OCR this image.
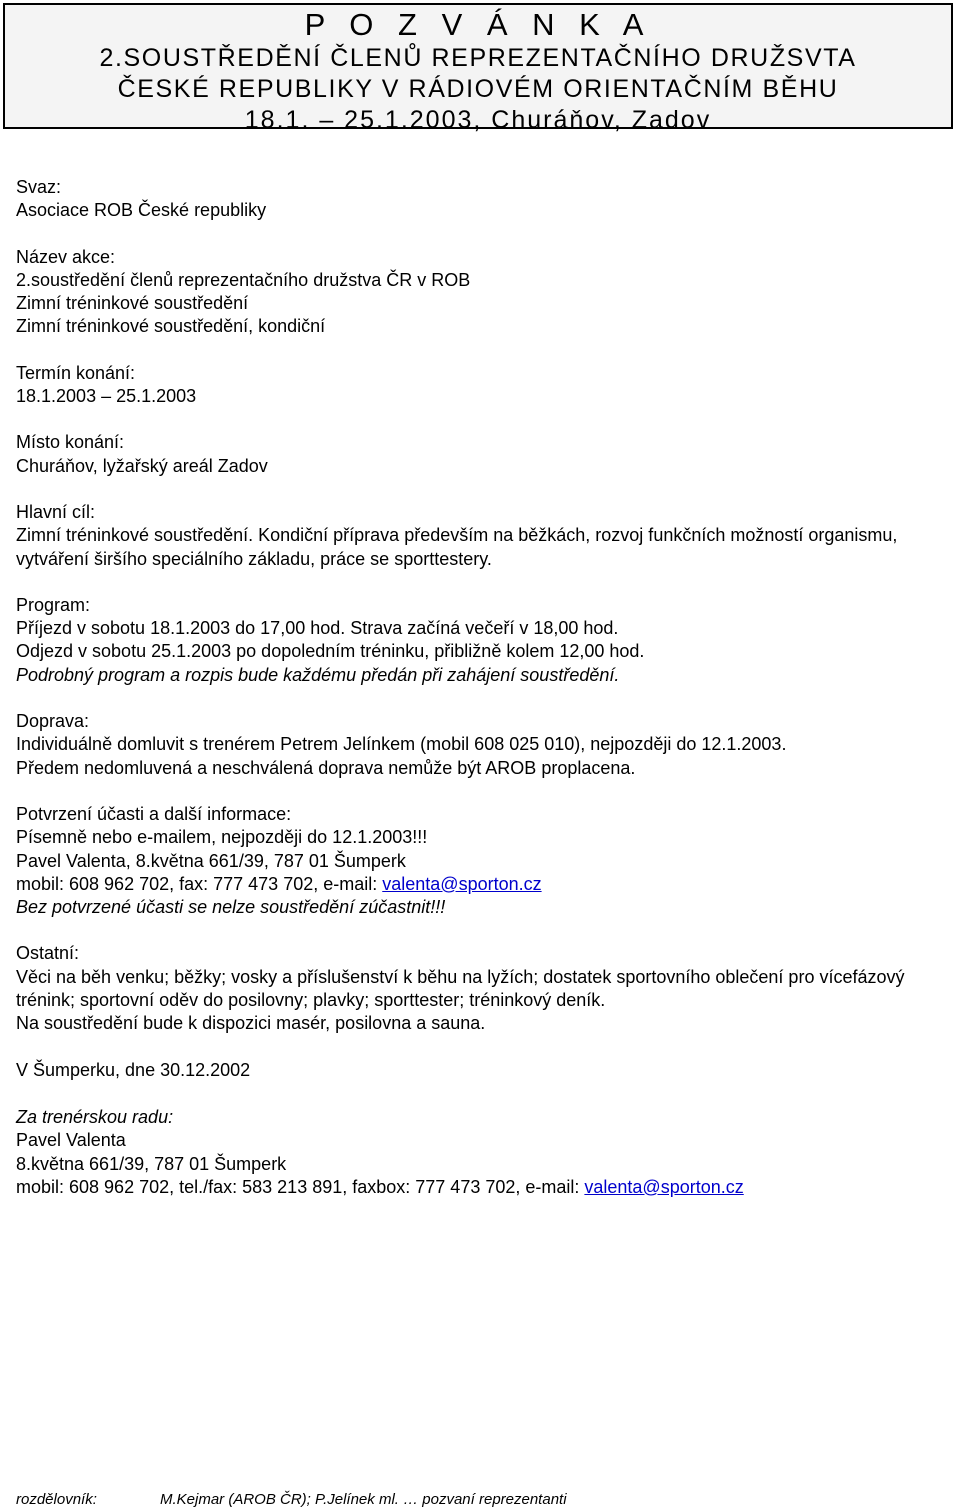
P O Z V Á N K A
2.SOUSTŘEDĚNÍ ČLENŮ REPREZENTAČNÍHO DRUŽSVTA
ČESKÉ REPUBLIKY V RÁDIOVÉM ORIENTAČNÍM BĚHU
18.1. – 25.1.2003, Churáňov, Zadov
Svaz:
Asociace ROB České republiky
Název akce:
2.soustředění členů reprezentačního družstva ČR v ROB
Zimní tréninkové soustředění
Zimní tréninkové soustředění, kondiční
Termín konání:
18.1.2003 – 25.1.2003
Místo konání:
Churáňov, lyžařský areál Zadov
Hlavní cíl:
Zimní tréninkové soustředění. Kondiční příprava především na běžkách, rozvoj funkčních možností organismu, vytváření širšího speciálního základu, práce se sporttestery.
Program:
Příjezd v sobotu 18.1.2003 do 17,00 hod. Strava začíná večeří v 18,00 hod.
Odjezd v sobotu 25.1.2003 po dopoledním tréninku, přibližně kolem 12,00 hod.
Podrobný program a rozpis bude každému předán při zahájení soustředění.
Doprava:
Individuálně domluvit s trenérem Petrem Jelínkem (mobil 608 025 010), nejpozději do 12.1.2003.
Předem nedomluvená a neschválená doprava nemůže být AROB proplacena.
Potvrzení účasti a další informace:
Písemně nebo e-mailem, nejpozději do 12.1.2003!!!
Pavel Valenta, 8.května 661/39, 787 01 Šumperk
mobil: 608 962 702, fax: 777 473 702, e-mail: valenta@sporton.cz
Bez potvrzené účasti se nelze soustředění zúčastnit!!!
Ostatní:
Věci na běh venku; běžky; vosky a příslušenství k běhu na lyžích; dostatek sportovního oblečení pro vícefázový trénink; sportovní oděv do posilovny; plavky; sporttester; tréninkový deník.
Na soustředění bude k dispozici masér, posilovna a sauna.
V Šumperku, dne 30.12.2002
Za trenérskou radu:
Pavel Valenta
8.května 661/39, 787 01 Šumperk
mobil: 608 962 702, tel./fax: 583 213 891, faxbox: 777 473 702, e-mail: valenta@sporton.cz
rozdělovník:	M.Kejmar (AROB ČR); P.Jelínek ml. … pozvaní reprezentanti
